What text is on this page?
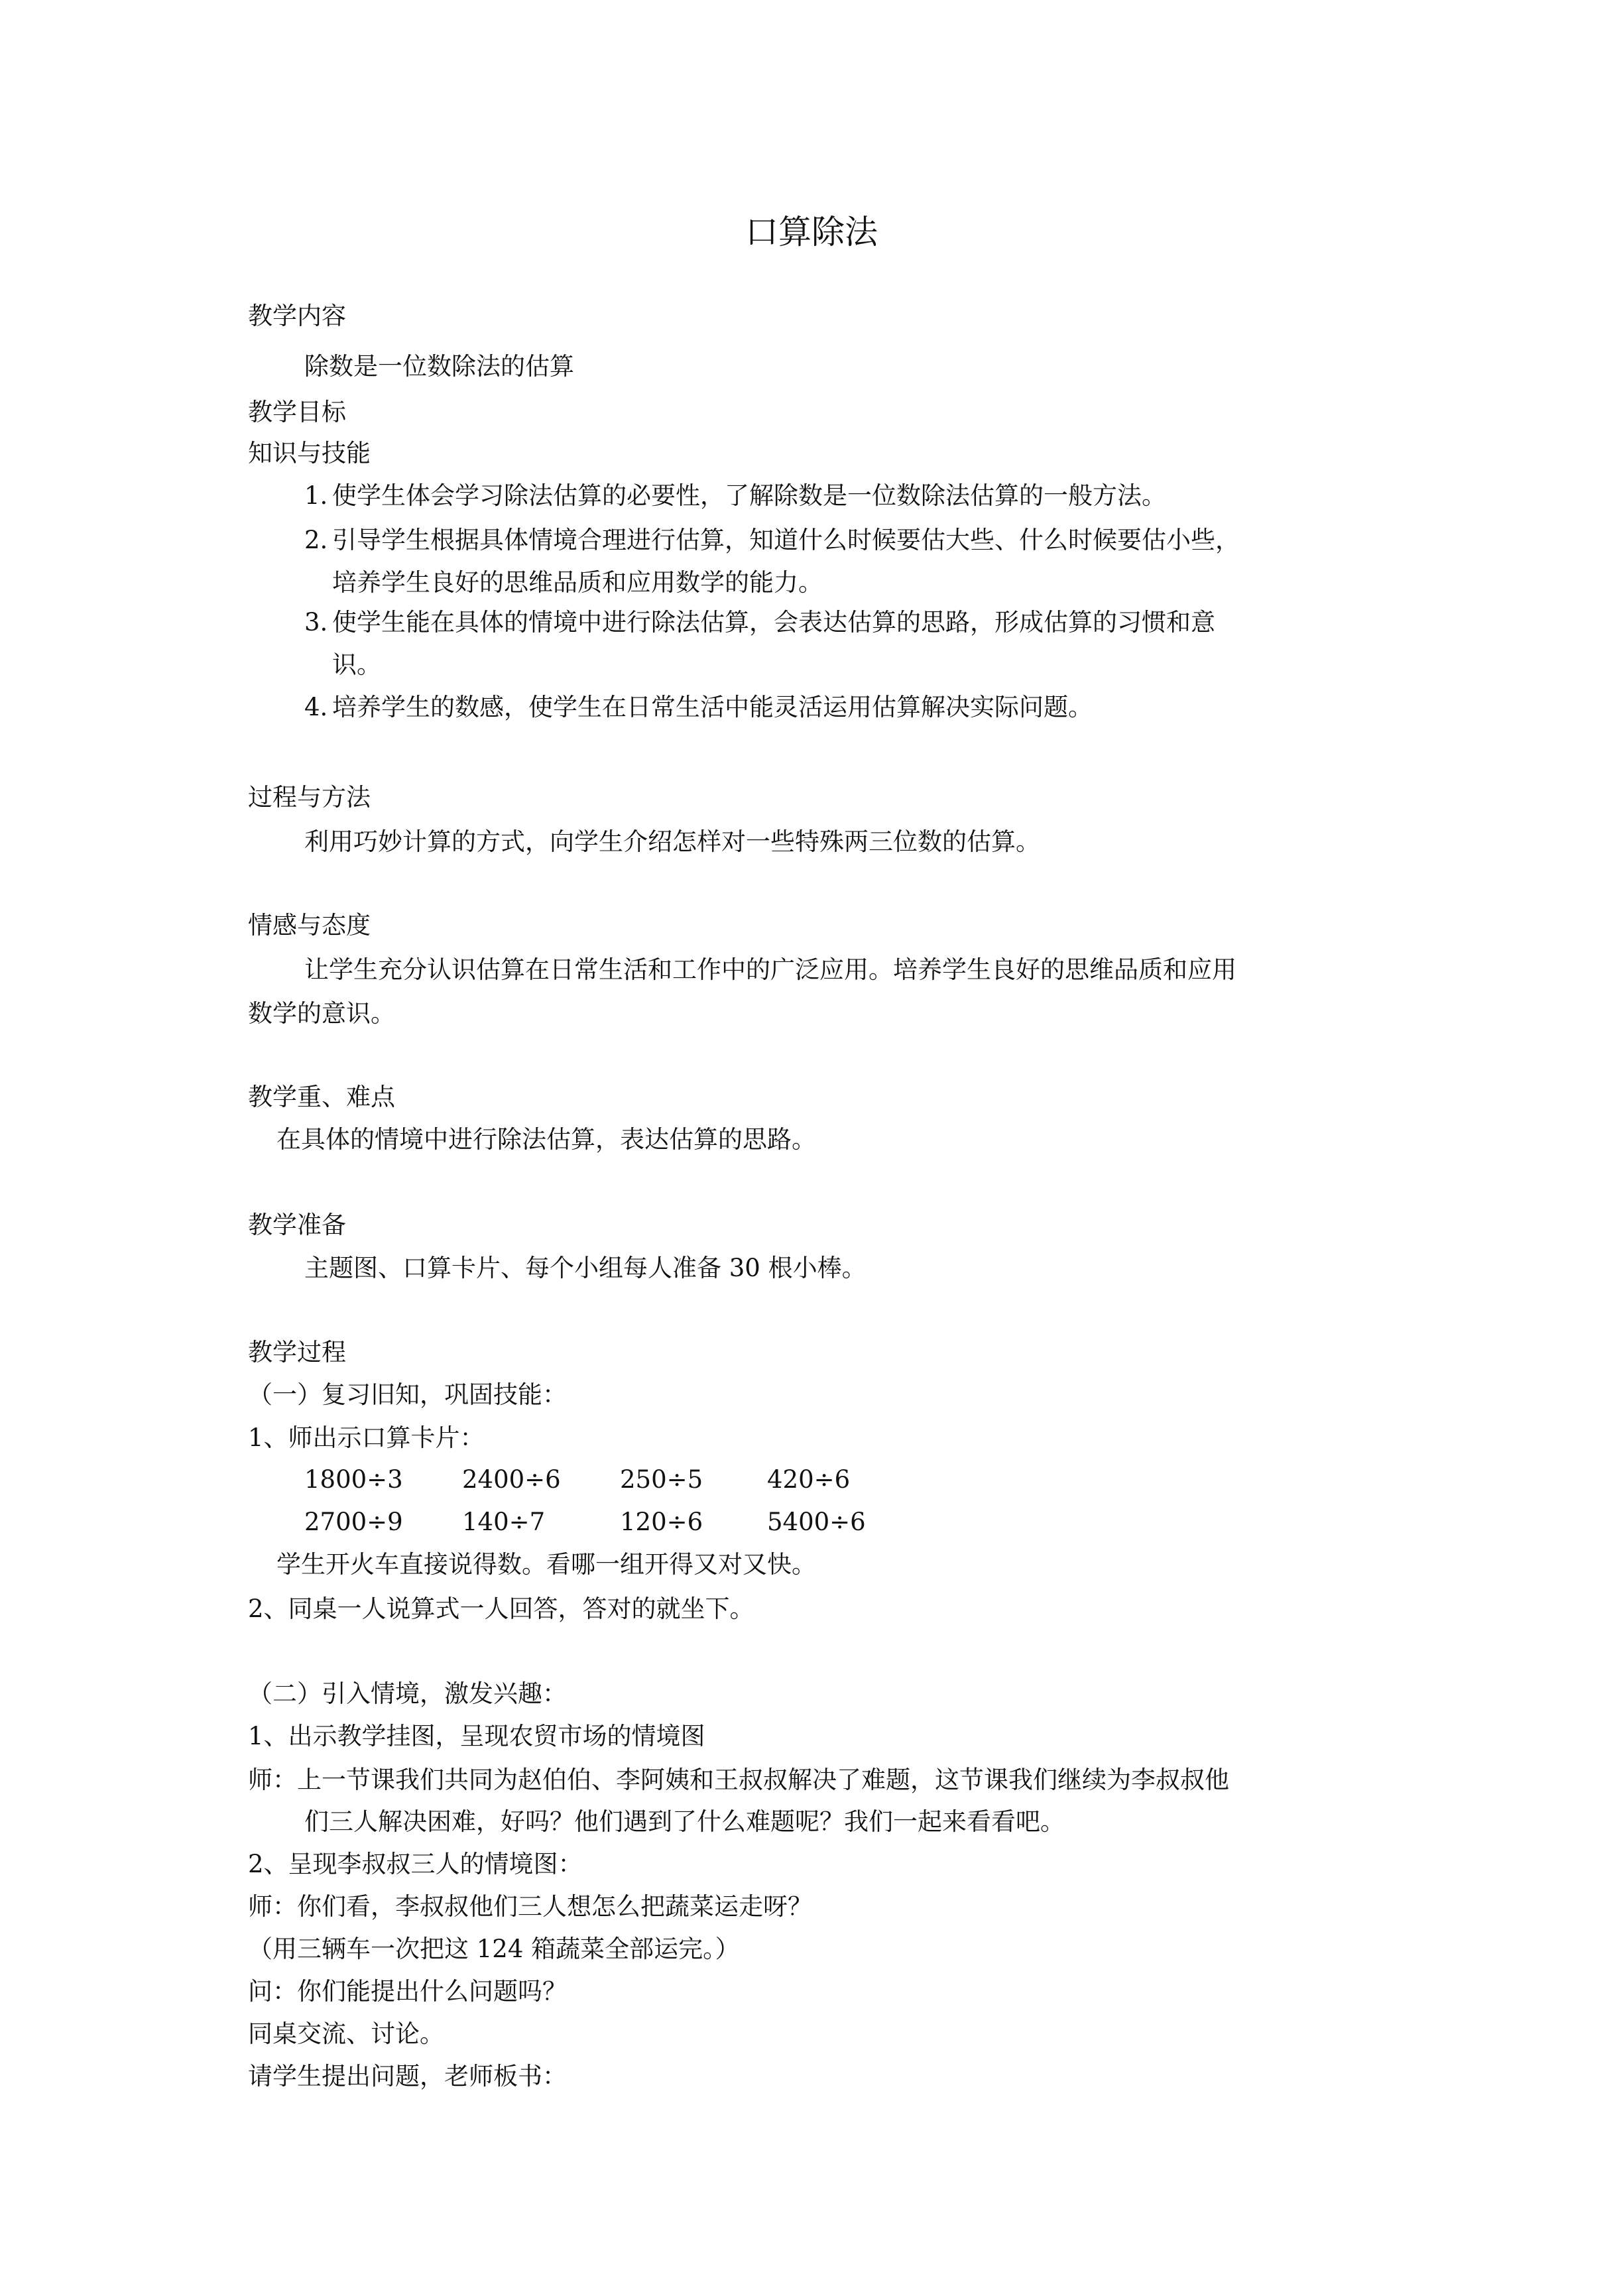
口算除法
教学内容
除数是一位数除法的估算
教学目标
知识与技能
1. 使学生体会学习除法估算的必要性，了解除数是一位数除法估算的一般方法。
2. 引导学生根据具体情境合理进行估算，知道什么时候要估大些、什么时候要估小些，
培养学生良好的思维品质和应用数学的能力。
3. 使学生能在具体的情境中进行除法估算，会表达估算的思路，形成估算的习惯和意
识。
4. 培养学生的数感，使学生在日常生活中能灵活运用估算解决实际问题。
过程与方法
利用巧妙计算的方式，向学生介绍怎样对一些特殊两三位数的估算。
情感与态度
让学生充分认识估算在日常生活和工作中的广泛应用。培养学生良好的思维品质和应用
数学的意识。
教学重、难点
在具体的情境中进行除法估算，表达估算的思路。
教学准备
主题图、口算卡片、每个小组每人准备 30 根小棒。
教学过程
（一）复习旧知，巩固技能：
1、师出示口算卡片：
1800÷3 2400÷6 250÷5	420÷6
2700÷9 140÷7	120÷6	5400÷6
学生开火车直接说得数。看哪一组开得又对又快。
2、同桌一人说算式一人回答，答对的就坐下。
（二）引入情境，激发兴趣：
1、出示教学挂图，呈现农贸市场的情境图
师：上一节课我们共同为赵伯伯、李阿姨和王叔叔解决了难题，这节课我们继续为李叔叔他
们三人解决困难，好吗？他们遇到了什么难题呢？我们一起来看看吧。
2、呈现李叔叔三人的情境图：
师：你们看，李叔叔他们三人想怎么把蔬菜运走呀？
（用三辆车一次把这 124 箱蔬菜全部运完。）
问：你们能提出什么问题吗？
同桌交流、讨论。
请学生提出问题，老师板书：
